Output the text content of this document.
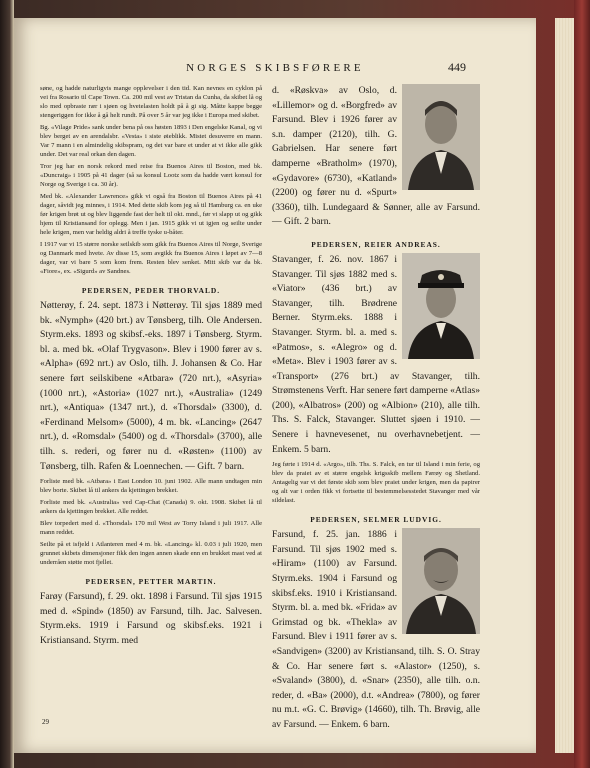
NORGES SKIBSFØRERE	449

søne, og hadde naturligvis mange opplevelser i den tid. Kan nevnes en cyklon på vei fra Rosario til Cape Town. Ca. 200 mil vest av Tristan da Cunha, da skibet lå og slo med opbraste rær i sjøen og hvetelasten holdt på å gi sig. Måtte kappe begge stengeriggen for ikke å gå helt rundt. På over 5 år var jeg ikke i Europa med skibet.

Bg. «Vilage Pride» sank under bena på oss høsten 1893 i Den engelske Kanal, og vi blev berget av en arendalsbr. «Vesta» i siste øieblikk. Mistet desuverre en mann. Var 7 mann i en almindelig skibspram, og det var bare et under at vi ikke alle gikk under. Det var real orkan den dagen.

Tror jeg har en norsk rekord med reise fra Buenos Aires til Boston, med bk. «Duncraig» i 1905 på 41 dager (så sa konsul Lootz som da hadde vært konsul for Norge og Sverige i ca. 30 år).

Med bk. «Alexander Lawrence» gikk vi også fra Boston til Buenos Aires på 41 dager, såvidt jeg minnes, i 1914. Med dette skib kom jeg så til Hamburg ca. en uke før krigen brøt ut og blev liggende fast der helt til okt. mnd., før vi slapp ut og gikk hjem til Kristiansand for oplegg. Men i jan. 1915 gikk vi ut igjen og seilte under hele krigen, men var heldig aldri å treffe tyske u-båter.

I 1917 var vi 15 større norske seilskib som gikk fra Buenos Aires til Norge, Sverige og Danmark med hvete. Av disse 15, som avgikk fra Buenos Aires i løpet av 7—8 dager, var vi bare 5 som kom frem. Resten blev senket. Mitt skib var da bk. «Fiore», ex. «Sigurd» av Sandnes.

PEDERSEN, PEDER THORVALD.

Nøtterøy, f. 24. sept. 1873 i Nøtterøy. Til sjøs 1889 med bk. «Nymph» (420 brt.) av Tønsberg, tilh. Ole Andersen. Styrm.eks. 1893 og skibsf.-eks. 1897 i Tønsberg. Styrm. bl. a. med bk. «Olaf Trygvason». Blev i 1900 fører av s. «Alpha» (692 nrt.) av Oslo, tilh. J. Johansen & Co. Har senere ført seilskibene «Atbara» (720 nrt.), «Asyria» (1000 nrt.), «Astoria» (1027 nrt.), «Australia» (1249 nrt.), «Antiqua» (1347 nrt.), d. «Thorsdal» (3300), d. «Ferdinand Melsom» (5000), 4 m. bk. «Lancing» (2647 nrt.), d. «Romsdal» (5400) og d. «Thorsdal» (3700), alle tilh. s. rederi, og fører nu d. «Røsten» (1100) av Tønsberg, tilh. Rafen & Loennechen. — Gift. 7 barn.

Forliste med bk. «Atbara» i East London 10. juni 1902. Alle mann undtagen min blev borte. Skibet lå til ankers da kjettingen brekket.

Forliste med bk. «Australia» ved Cap-Chat (Canada) 9. okt. 1908. Skibet lå til ankers da kjettingen brekket. Alle reddet.

Blev torpedert med d. «Thorsdal» 170 mil West av Torry Island i juli 1917. Alle mann reddet.

Seilte på et isfjeld i Atlanteren med 4 m. bk. «Lancing» kl. 0.03 i juli 1920, men grunnet skibets dimensjoner fikk den ingen annen skade enn en brukket mast ved at underråen støtte mot fjellet.

PEDERSEN, PETTER MARTIN.

Farøy (Farsund), f. 29. okt. 1898 i Farsund. Til sjøs 1915 med d. «Spind» (1850) av Farsund, tilh. Jac. Salvesen. Styrm.eks. 1919 i Farsund og skibsf.eks. 1921 i Kristiansand. Styrm. med

d. «Røskva» av Oslo, d. «Lillemor» og d. «Borgfred» av Farsund. Blev i 1926 fører av s.n. damper (2120), tilh. G. Gabrielsen. Har senere ført damperne «Bratholm» (1970), «Gydavore» (6730), «Katland» (2200) og fører nu d. «Spurt» (3360), tilh. Lundegaard & Sønner, alle av Farsund. — Gift. 2 barn.

PEDERSEN, REIER ANDREAS.

Stavanger, f. 26. nov. 1867 i Stavanger. Til sjøs 1882 med s. «Viator» (436 brt.) av Stavanger, tilh. Brødrene Berner. Styrm.eks. 1888 i Stavanger. Styrm. bl. a. med s. «Patmos», s. «Alegro» og d. «Meta». Blev i 1903 fører av s. «Transport» (276 brt.) av Stavanger, tilh. Strømstenens Verft. Har senere ført damperne «Atlas» (200), «Albatros» (200) og «Albion» (210), alle tilh. Ths. S. Falck, Stavanger. Sluttet sjøen i 1910. — Senere i havnevesenet, nu overhavnebetjent. — Enkem. 5 barn.

Jeg førte i 1914 d. «Argo», tilh. Ths. S. Falck, en tur til Island i min ferie, og blev da praiet av et større engelsk krigsskib mellem Færøy og Shetland. Antagelig var vi det første skib som blev praiet under krigen, men da papirer og alt var i orden fikk vi fortsette til bestemmelsesstedet Stavanger med vår sildelast.

PEDERSEN, SELMER LUDVIG.

Farsund, f. 25. jan. 1886 i Farsund. Til sjøs 1902 med s. «Hiram» (1100) av Farsund. Styrm.eks. 1904 i Farsund og skibsf.eks. 1910 i Kristiansand. Styrm. bl. a. med bk. «Frida» av Grimstad og bk. «Thekla» av Farsund. Blev i 1911 fører av s. «Sandvigen» (3200) av Kristiansand, tilh. S. O. Stray & Co. Har senere ført s. «Alastor» (1250), s. «Svaland» (3800), d. «Snar» (2350), alle tilh. o.n. reder, d. «Ba» (2000), d.t. «Andrea» (7800), og fører nu m.t. «G. C. Brøvig» (14660), tilh. Th. Brøvig, alle av Farsund. — Enkem. 6 barn.

29
